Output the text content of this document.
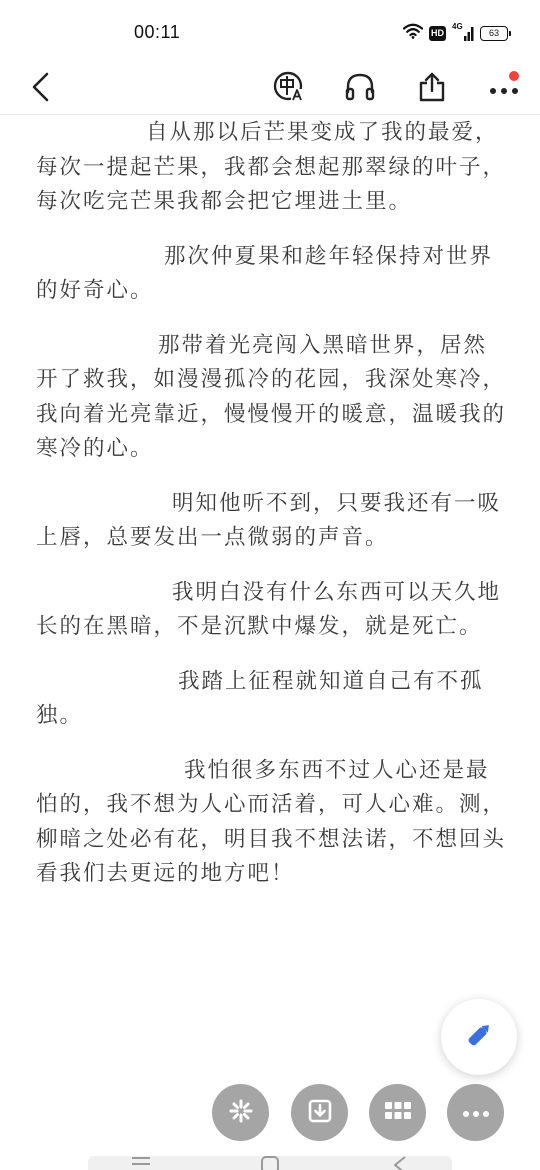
00:11	HD
4G
63

自从那以后芒果变成了我的最爱，每次一提起芒果，我都会想起那翠绿的叶子，每次吃完芒果我都会把它埋进土里。

那次仲夏果和趁年轻保持对世界的好奇心。

那带着光亮闯入黑暗世界，居然开了救我，如漫漫孤冷的花园，我深处寒冷，我向着光亮靠近，慢慢慢开的暖意，温暖我的寒冷的心。

明知他听不到，只要我还有一吸上唇，总要发出一点微弱的声音。

我明白没有什么东西可以天久地长的在黑暗，不是沉默中爆发，就是死亡。

我踏上征程就知道自己有不孤独。

我怕很多东西不过人心还是最怕的，我不想为人心而活着，可人心难。测，柳暗之处必有花，明目我不想法诺，不想回头看我们去更远的地方吧！
